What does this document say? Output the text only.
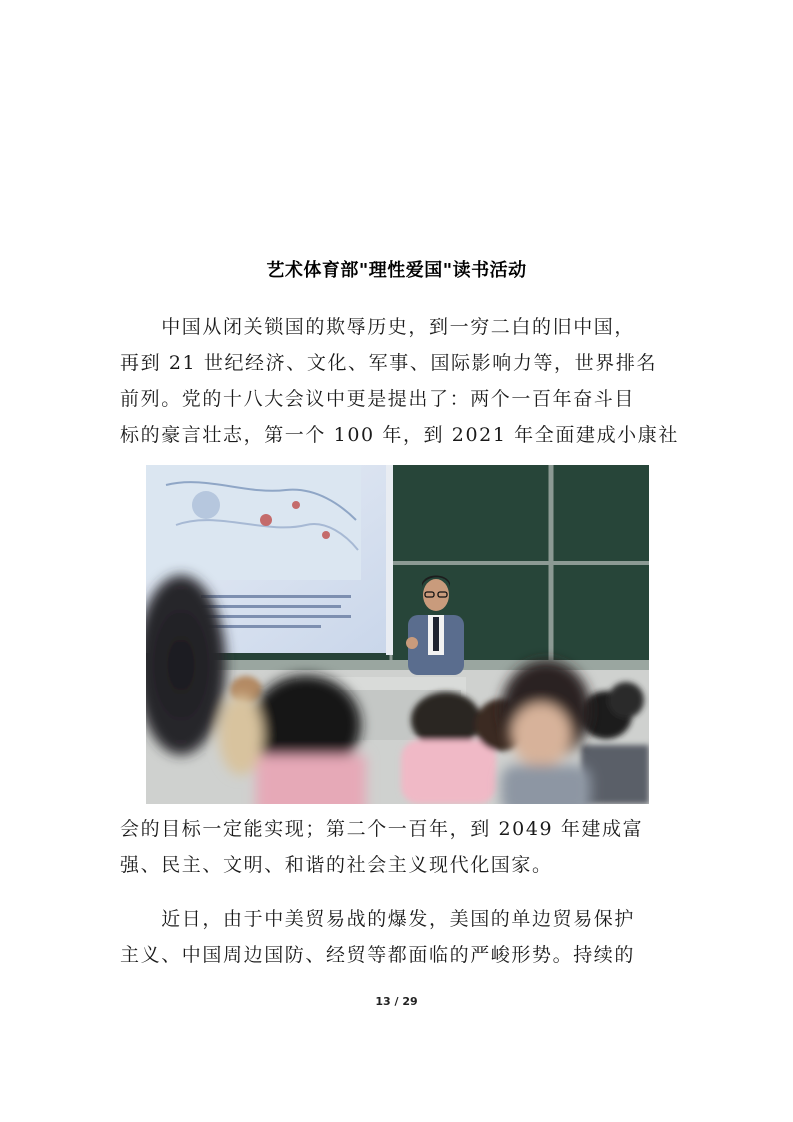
艺术体育部"理性爱国"读书活动
　　中国从闭关锁国的欺辱历史，到一穷二白的旧中国，
再到 21 世纪经济、文化、军事、国际影响力等，世界排名
前列。党的十八大会议中更是提出了：两个一百年奋斗目
标的豪言壮志，第一个 100 年，到 2021 年全面建成小康社
会的目标一定能实现；第二个一百年，到 2049 年建成富
强、民主、文明、和谐的社会主义现代化国家。
　　近日，由于中美贸易战的爆发，美国的单边贸易保护
主义、中国周边国防、经贸等都面临的严峻形势。持续的
13 / 29
